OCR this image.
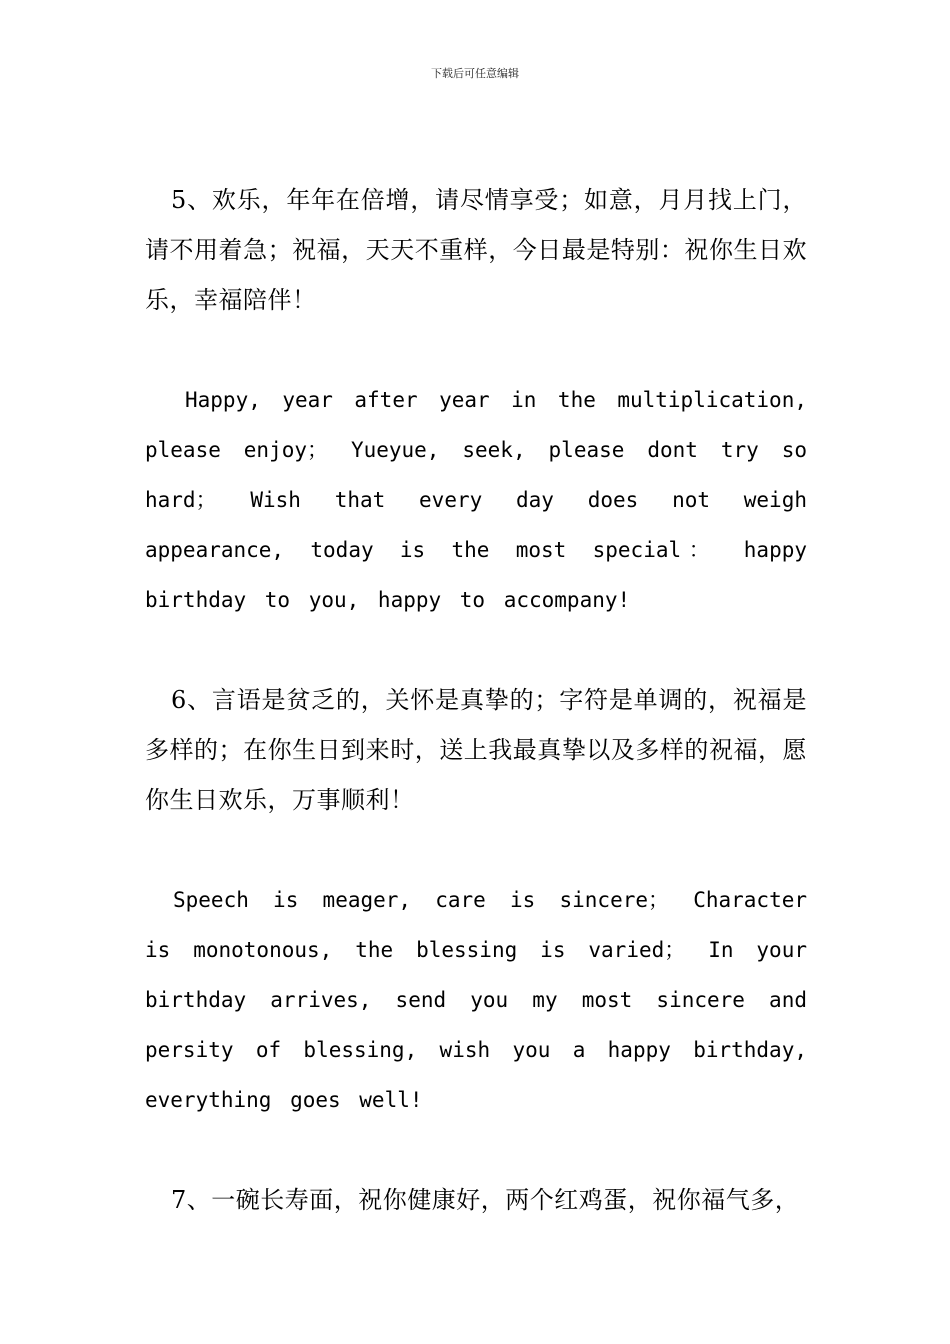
下载后可任意编辑

5、欢乐，年年在倍增，请尽情享受；如意，月月找上门，请不用着急；祝福，天天不重样，今日最是特别：祝你生日欢乐，幸福陪伴！

Happy, year after year in the multiplication, please enjoy； Yueyue, seek, please dont try so hard； Wish that every day does not weigh appearance, today is the most special： happy birthday to you, happy to accompany!

6、言语是贫乏的，关怀是真挚的；字符是单调的，祝福是多样的；在你生日到来时，送上我最真挚以及多样的祝福，愿你生日欢乐，万事顺利！

Speech is meager, care is sincere； Character is monotonous, the blessing is varied； In your birthday arrives, send you my most sincere and persity of blessing, wish you a happy birthday, everything goes well!

7、一碗长寿面，祝你健康好，两个红鸡蛋，祝你福气多，
